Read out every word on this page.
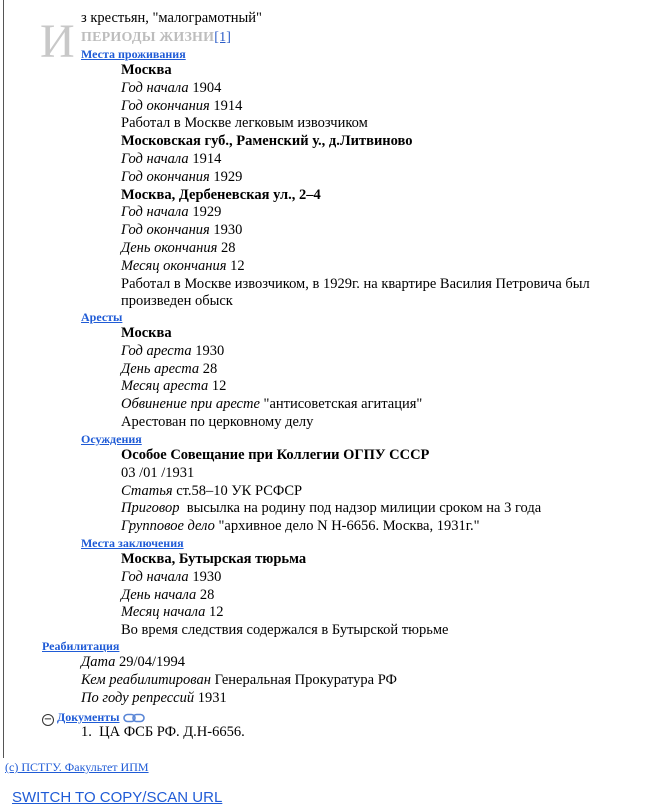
з крестьян, "малограмотный"
И ПЕРИОДЫ ЖИЗНИ[1]
Места проживания
Москва
Год начала 1904
Год окончания 1914
Работал в Москве легковым извозчиком
Московская губ., Раменский у., д.Литвиново
Год начала 1914
Год окончания 1929
Москва, Дербеневская ул., 2–4
Год начала 1929
Год окончания 1930
День окончания 28
Месяц окончания 12
Работал в Москве извозчиком, в 1929г. на квартире Василия Петровича был произведен обыск
Аресты
Москва
Год ареста 1930
День ареста 28
Месяц ареста 12
Обвинение при аресте "антисоветская агитация"
Арестован по церковному делу
Осуждения
Особое Совещание при Коллегии ОГПУ СССР
03 /01 /1931
Статья ст.58–10 УК РСФСР
Приговор высылка на родину под надзор милиции сроком на 3 года
Групповое дело "архивное дело N Н-6656. Москва, 1931г."
Места заключения
Москва, Бутырская тюрьма
Год начала 1930
День начала 28
Месяц начала 12
Во время следствия содержался в Бутырской тюрьме
Реабилитация
Дата 29/04/1994
Кем реабилитирован Генеральная Прокуратура РФ
По году репрессий 1931
− Документы
1. ЦА ФСБ РФ. Д.Н-6656.
(с) ПСТГУ. Факультет ИПМ
SWITCH TO COPY/SCAN URL
